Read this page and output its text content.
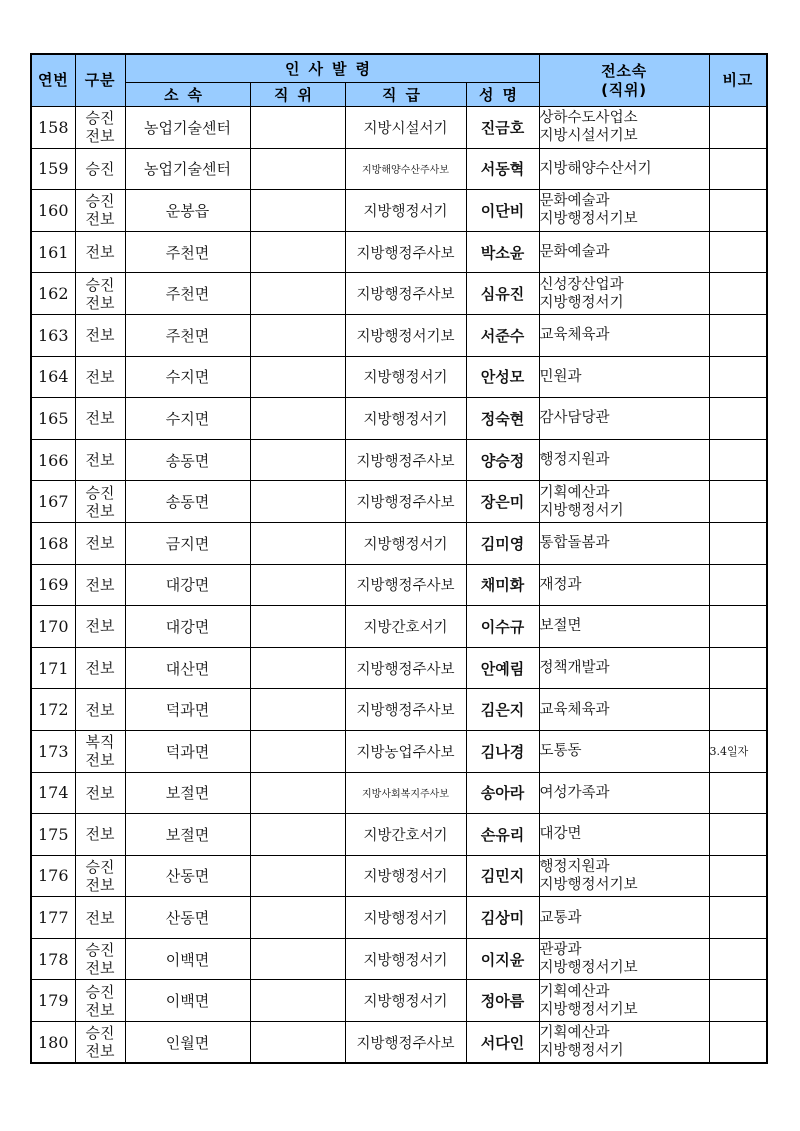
연번	구분	인사발령				전소속
(직위)	비고
		소속	직위	직급	성명		
158	승진
전보	농업기술센터		지방시설서기	진금호	상하수도사업소
지방시설서기보	

159	승진	농업기술센터		지방해양수산주사보	서동혁	지방해양수산서기	

160	승진
전보	운봉읍		지방행정서기	이단비	문화예술과
지방행정서기보	

161	전보	주천면		지방행정주사보	박소윤	문화예술과	

162	승진
전보	주천면		지방행정주사보	심유진	신성장산업과
지방행정서기	

163	전보	주천면		지방행정서기보	서준수	교육체육과	

164	전보	수지면		지방행정서기	안성모	민원과	

165	전보	수지면		지방행정서기	정숙현	감사담당관	

166	전보	송동면		지방행정주사보	양승정	행정지원과	

167	승진
전보	송동면		지방행정주사보	장은미	기획예산과
지방행정서기	

168	전보	금지면		지방행정서기	김미영	통합돌봄과	

169	전보	대강면		지방행정주사보	채미화	재정과	

170	전보	대강면		지방간호서기	이수규	보절면	

171	전보	대산면		지방행정주사보	안예림	정책개발과	

172	전보	덕과면		지방행정주사보	김은지	교육체육과	

173	복직
전보	덕과면		지방농업주사보	김나경	도통동	3.4일자
174	전보	보절면		지방사회복지주사보	송아라	여성가족과	

175	전보	보절면		지방간호서기	손유리	대강면	

176	승진
전보	산동면		지방행정서기	김민지	행정지원과
지방행정서기보	

177	전보	산동면		지방행정서기	김상미	교통과	

178	승진
전보	이백면		지방행정서기	이지윤	관광과
지방행정서기보	

179	승진
전보	이백면		지방행정서기	정아름	기획예산과
지방행정서기보	

180	승진
전보	인월면		지방행정주사보	서다인	기획예산과
지방행정서기	
